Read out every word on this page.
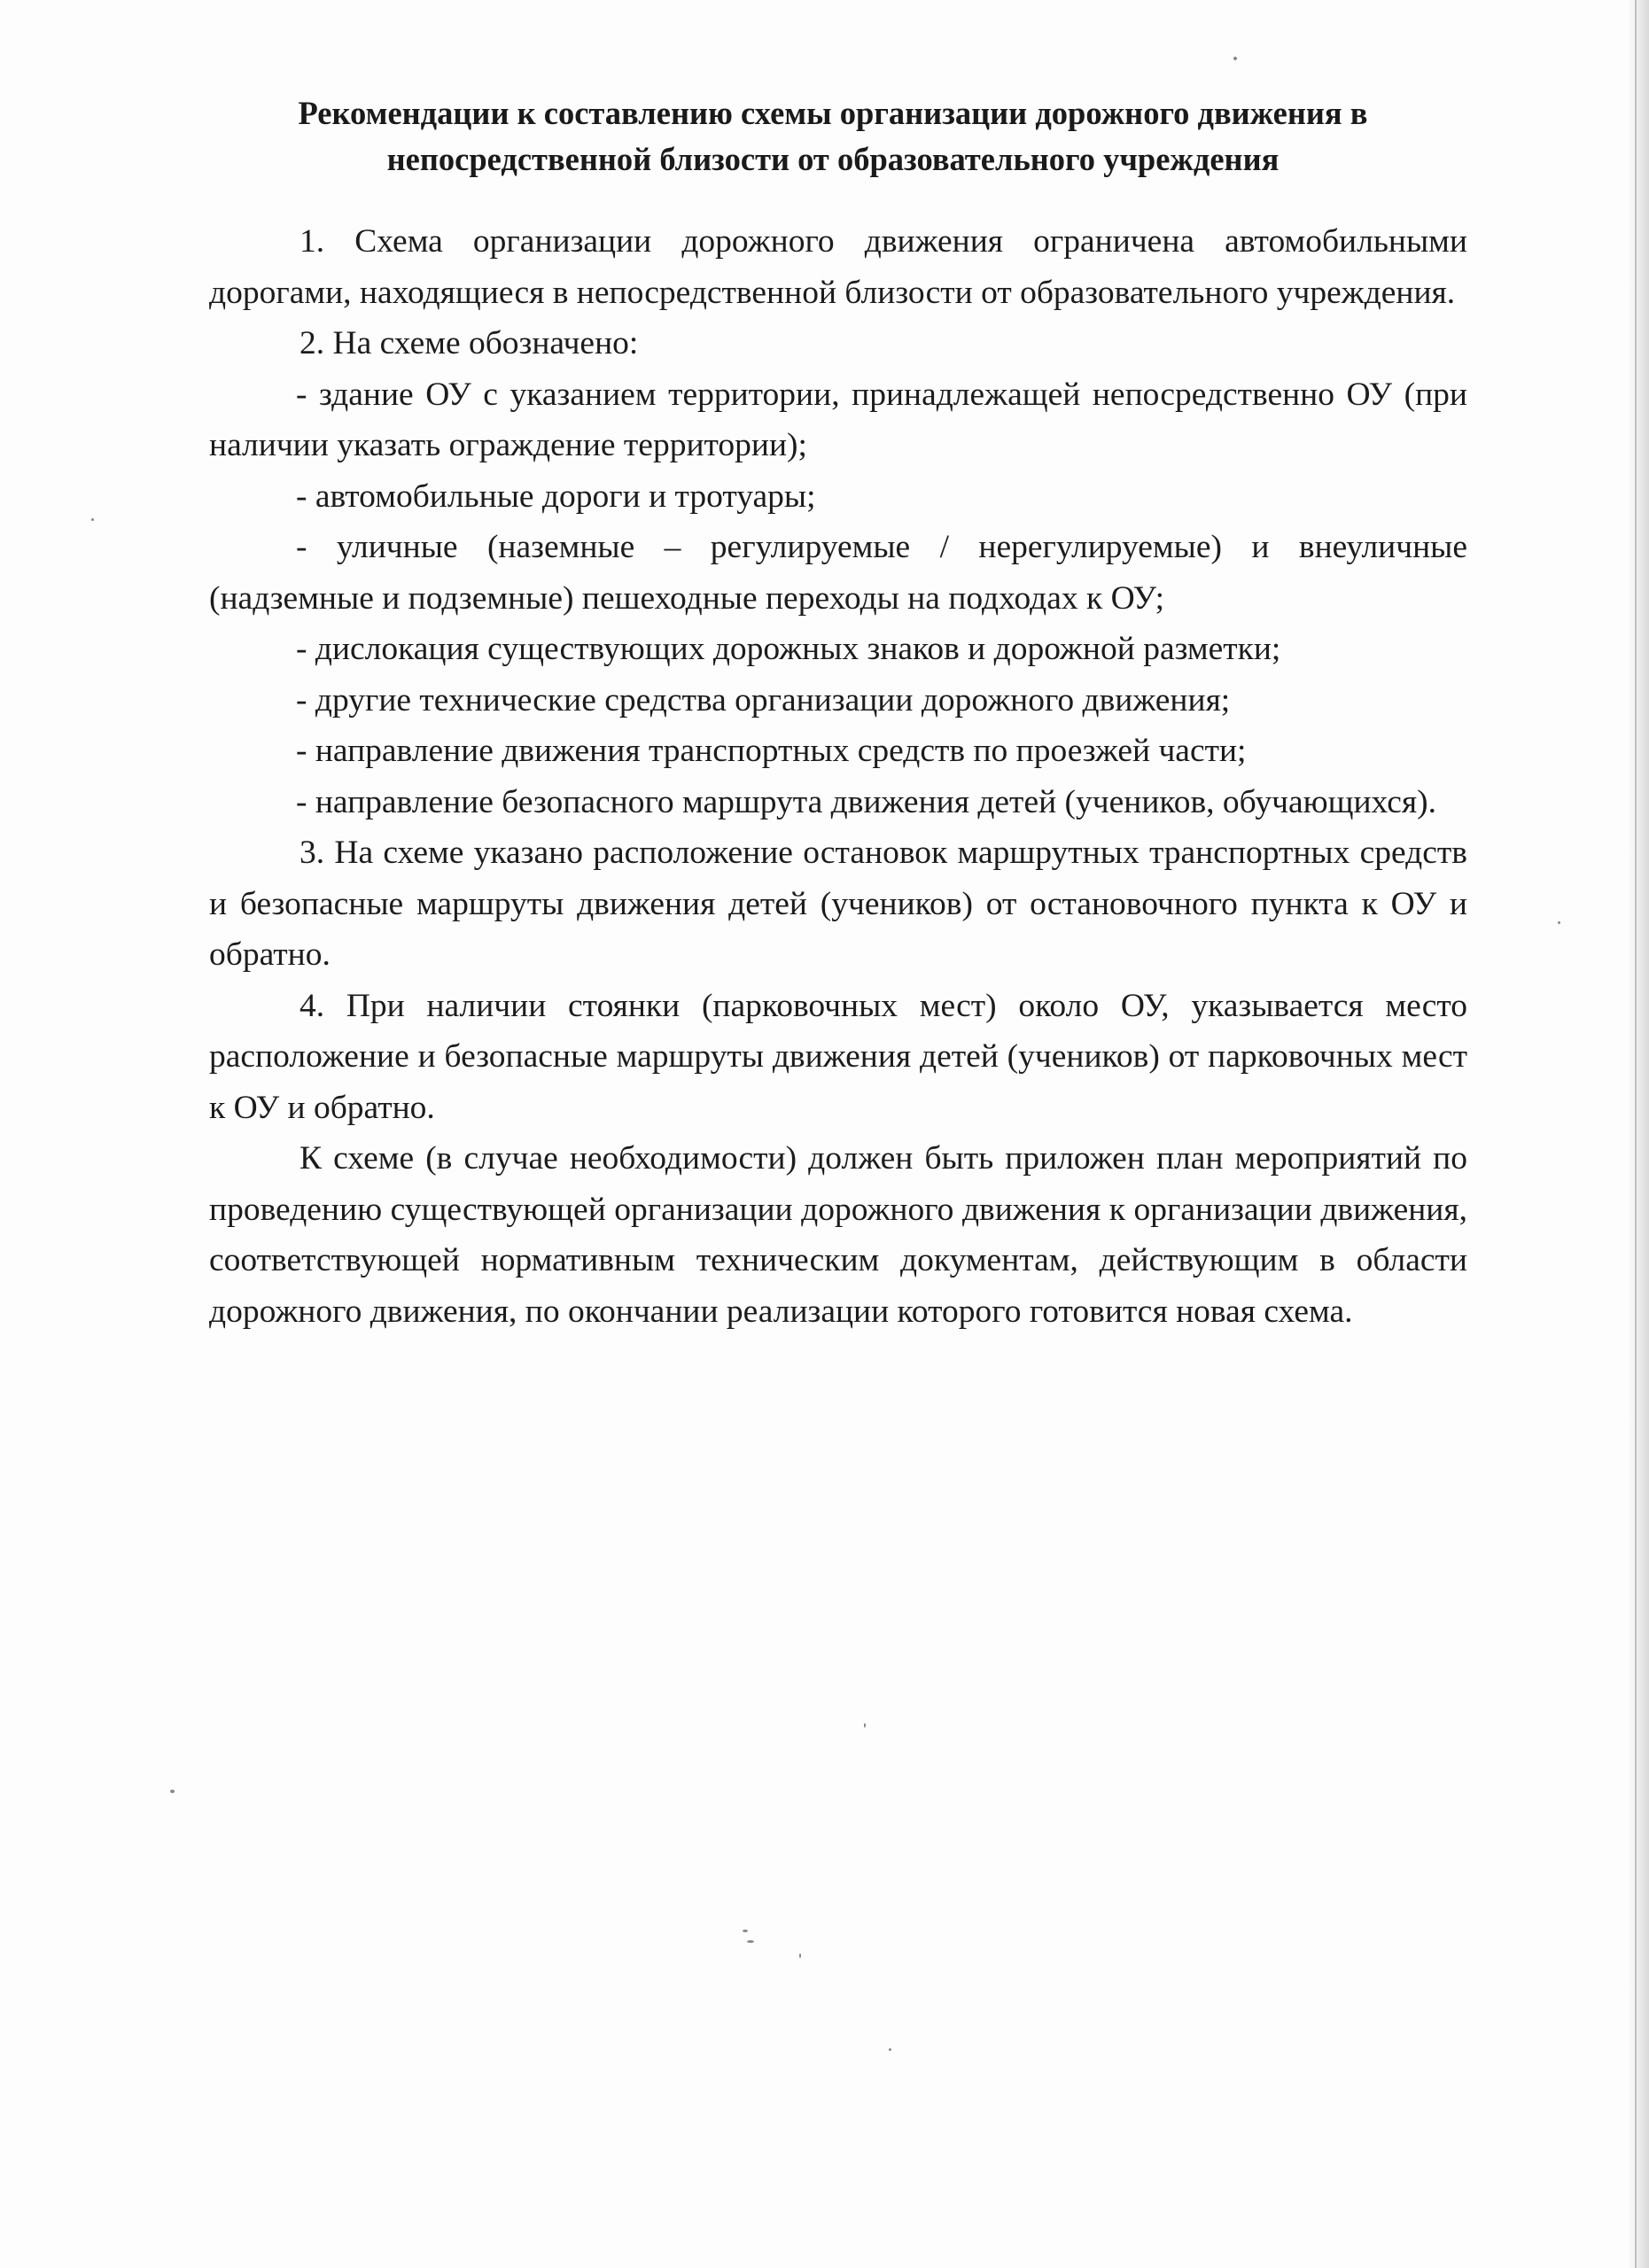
Рекомендации к составлению схемы организации дорожного движения в
непосредственной близости от образовательного учреждения

1. Схема организации дорожного движения ограничена автомобильными дорогами, находящиеся в непосредственной близости от образовательного учреждения.

2. На схеме обозначено:

- здание ОУ с указанием территории, принадлежащей непосредственно ОУ (при наличии указать ограждение территории);

- автомобильные дороги и тротуары;

- уличные (наземные – регулируемые / нерегулируемые) и внеуличные (надземные и подземные) пешеходные переходы на подходах к ОУ;

- дислокация существующих дорожных знаков и дорожной разметки;

- другие технические средства организации дорожного движения;

- направление движения транспортных средств по проезжей части;

- направление безопасного маршрута движения детей (учеников, обучающихся).

3. На схеме указано расположение остановок маршрутных транспортных средств и безопасные маршруты движения детей (учеников) от остановочного пункта к ОУ и обратно.

4. При наличии стоянки (парковочных мест) около ОУ, указывается место расположение и безопасные маршруты движения детей (учеников) от парковочных мест к ОУ и обратно.

К схеме (в случае необходимости) должен быть приложен план мероприятий по проведению существующей организации дорожного движения к организации движения, соответствующей нормативным техническим документам, действующим в области дорожного движения, по окончании реализации которого готовится новая схема.
